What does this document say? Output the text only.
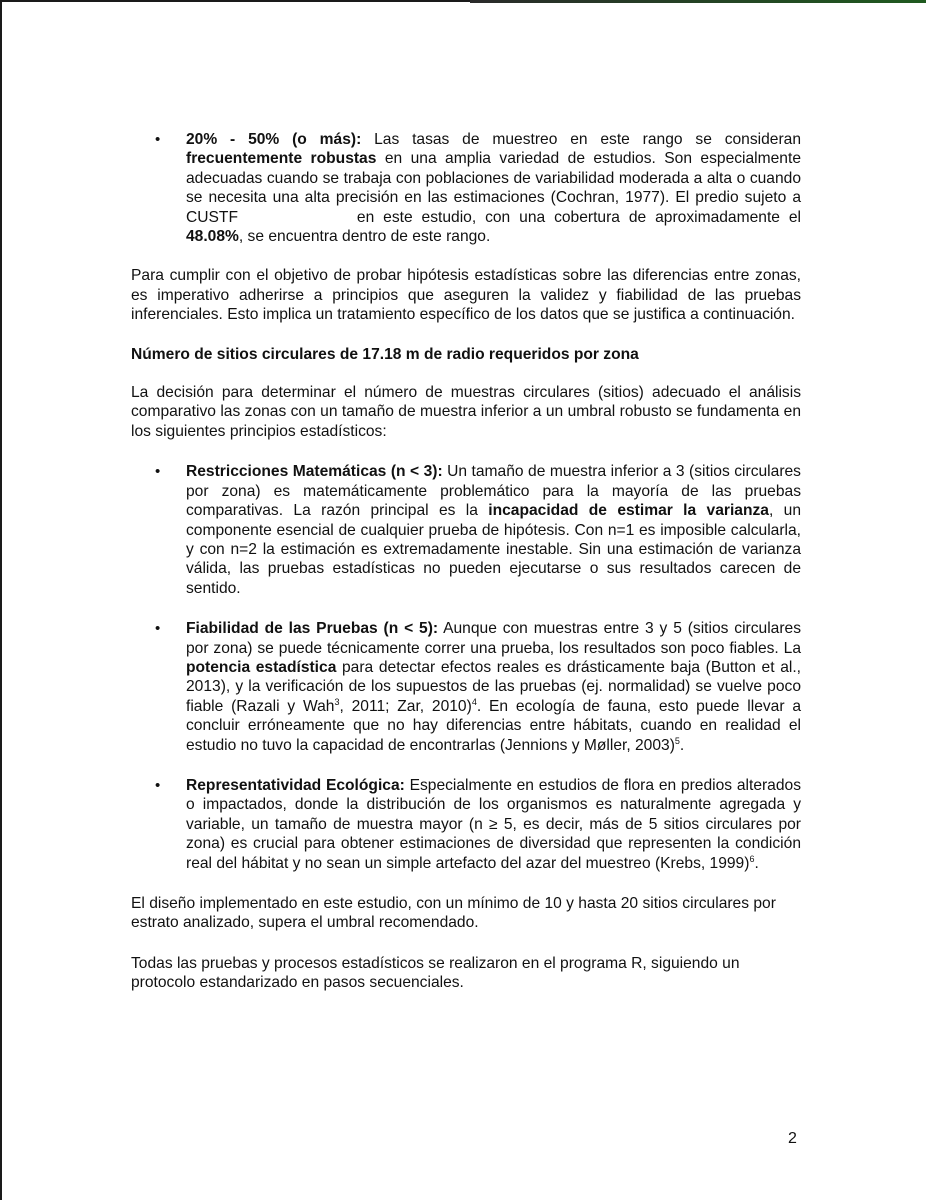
• 20% - 50% (o más): Las tasas de muestreo en este rango se consideran frecuentemente robustas en una amplia variedad de estudios. Son especialmente adecuadas cuando se trabaja con poblaciones de variabilidad moderada a alta o cuando se necesita una alta precisión en las estimaciones (Cochran, 1977). El predio sujeto a CUSTF	en este estudio, con una cobertura de aproximadamente el 48.08%, se encuentra dentro de este rango.

Para cumplir con el objetivo de probar hipótesis estadísticas sobre las diferencias entre zonas, es imperativo adherirse a principios que aseguren la validez y fiabilidad de las pruebas inferenciales. Esto implica un tratamiento específico de los datos que se justifica a continuación.

Número de sitios circulares de 17.18 m de radio requeridos por zona

La decisión para determinar el número de muestras circulares (sitios) adecuado el análisis comparativo las zonas con un tamaño de muestra inferior a un umbral robusto se fundamenta en los siguientes principios estadísticos:

• Restricciones Matemáticas (n < 3): Un tamaño de muestra inferior a 3 (sitios circulares por zona) es matemáticamente problemático para la mayoría de las pruebas comparativas. La razón principal es la incapacidad de estimar la varianza, un componente esencial de cualquier prueba de hipótesis. Con n=1 es imposible calcularla, y con n=2 la estimación es extremadamente inestable. Sin una estimación de varianza válida, las pruebas estadísticas no pueden ejecutarse o sus resultados carecen de sentido.
• Fiabilidad de las Pruebas (n < 5): Aunque con muestras entre 3 y 5 (sitios circulares por zona) se puede técnicamente correr una prueba, los resultados son poco fiables. La potencia estadística para detectar efectos reales es drásticamente baja (Button et al., 2013), y la verificación de los supuestos de las pruebas (ej. normalidad) se vuelve poco fiable (Razali y Wah$^3$, 2011; Zar, 2010)$^4$. En ecología de fauna, esto puede llevar a concluir erróneamente que no hay diferencias entre hábitats, cuando en realidad el estudio no tuvo la capacidad de encontrarlas (Jennions y Møller, 2003)$^5$.
• Representatividad Ecológica: Especialmente en estudios de flora en predios alterados o impactados, donde la distribución de los organismos es naturalmente agregada y variable, un tamaño de muestra mayor (n ≥ 5, es decir, más de 5 sitios circulares por zona) es crucial para obtener estimaciones de diversidad que representen la condición real del hábitat y no sean un simple artefacto del azar del muestreo (Krebs, 1999)$^6$.

El diseño implementado en este estudio, con un mínimo de 10 y hasta 20 sitios circulares por estrato analizado, supera el umbral recomendado.

Todas las pruebas y procesos estadísticos se realizaron en el programa R, siguiendo un protocolo estandarizado en pasos secuenciales.

2
